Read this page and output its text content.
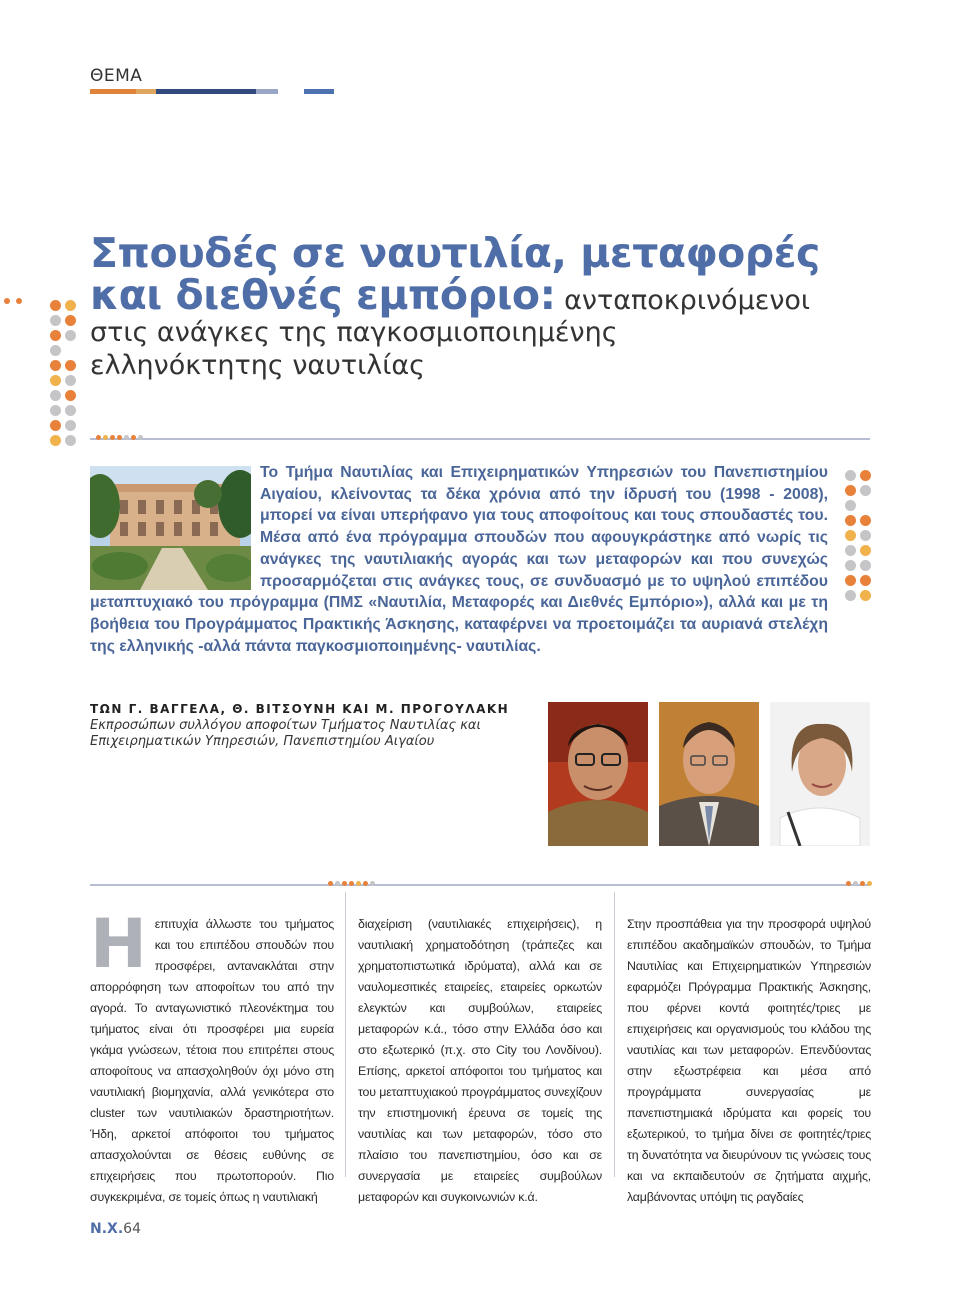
ΘΕΜΑ
Σπουδές σε ναυτιλία, μεταφορές
και διεθνές εμπόριο: ανταποκρινόμενοι
στις ανάγκες της παγκοσμιοποιημένης
ελληνόκτητης ναυτιλίας
Το Τμήμα Ναυτιλίας και Επιχειρηματικών Υπηρεσιών του Πανεπιστημίου Αιγαίου, κλείνοντας τα δέκα χρόνια από την ίδρυσή του (1998 - 2008), μπορεί να είναι υπερήφανο για τους αποφοίτους και τους σπουδαστές του. Μέσα από ένα πρόγραμμα σπουδών που αφουγκράστηκε από νωρίς τις ανάγκες της ναυτιλιακής αγοράς και των μεταφορών και που συνεχώς προσαρμόζεται στις ανάγκες τους, σε συνδυασμό με το υψηλού επιπέδου μεταπτυχιακό του πρόγραμμα (ΠΜΣ «Ναυτιλία, Μεταφορές και Διεθνές Εμπόριο»), αλλά και με τη βοήθεια του Προγράμματος Πρακτικής Άσκησης, καταφέρνει να προετοιμάζει τα αυριανά στελέχη της ελληνικής -αλλά πάντα παγκοσμιοποιημένης- ναυτιλίας.
ΤΩΝ Γ. ΒΑΓΓΕΛΑ, Θ. ΒΙΤΣΟΥΝΗ ΚΑΙ Μ. ΠΡΟΓΟΥΛΑΚΗ
Εκπροσώπων συλλόγου αποφοίτων Τμήματος Ναυτιλίας και Επιχειρηματικών Υπηρεσιών, Πανεπιστημίου Αιγαίου
Ηεπιτυχία άλλωστε του τμήματος και του επιπέδου σπουδών που προσφέρει, αντανακλάται στην απορρόφηση των αποφοίτων του από την αγορά. Το ανταγωνιστικό πλεονέκτημα του τμήματος είναι ότι προσφέρει μια ευρεία γκάμα γνώσεων, τέτοια που επιτρέπει στους αποφοίτους να απασχοληθούν όχι μόνο στη ναυτιλιακή βιομηχανία, αλλά γενικότερα στο cluster των ναυτιλιακών δραστηριοτήτων. Ήδη, αρκετοί απόφοιτοι του τμήματος απασχολούνται σε θέσεις ευθύνης σε επιχειρήσεις που πρωτοπορούν. Πιο συγκεκριμένα, σε τομείς όπως η ναυτιλιακή
διαχείριση (ναυτιλιακές επιχειρήσεις), η ναυτιλιακή χρηματοδότηση (τράπεζες και χρηματοπιστωτικά ιδρύματα), αλλά και σε ναυλομεσιτικές εταιρείες, εταιρείες ορκωτών ελεγκτών και συμβούλων, εταιρείες μεταφορών κ.ά., τόσο στην Ελλάδα όσο και στο εξωτερικό (π.χ. στο City του Λονδίνου). Επίσης, αρκετοί απόφοιτοι του τμήματος και του μεταπτυχιακού προγράμματος συνεχίζουν την επιστημονική έρευνα σε τομείς της ναυτιλίας και των μεταφορών, τόσο στο πλαίσιο του πανεπιστημίου, όσο και σε συνεργασία με εταιρείες συμβούλων μεταφορών και συγκοινωνιών κ.ά.
Στην προσπάθεια για την προσφορά υψηλού επιπέδου ακαδημαϊκών σπουδών, το Τμήμα Ναυτιλίας και Επιχειρηματικών Υπηρεσιών εφαρμόζει Πρόγραμμα Πρακτικής Άσκησης, που φέρνει κοντά φοιτητές/τριες με επιχειρήσεις και οργανισμούς του κλάδου της ναυτιλίας και των μεταφορών. Επενδύοντας στην εξωστρέφεια και μέσα από προγράμματα συνεργασίας με πανεπιστημιακά ιδρύματα και φορείς του εξωτερικού, το τμήμα δίνει σε φοιτητές/τριες τη δυνατότητα να διευρύνουν τις γνώσεις τους και να εκπαιδευτούν σε ζητήματα αιχμής, λαμβάνοντας υπόψη τις ραγδαίες
N.X.64
